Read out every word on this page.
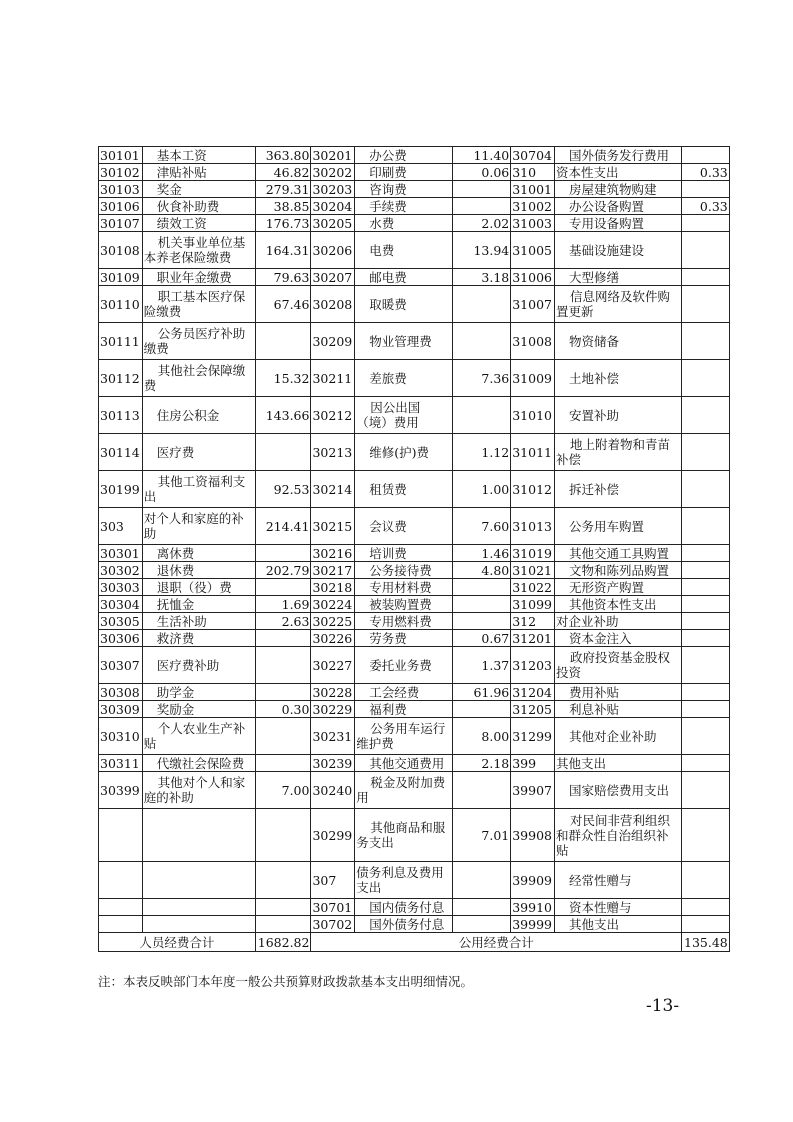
30101	基本工资	363.80	30201	办公费	11.40	30704	国外债务发行费用	
30102	津贴补贴	46.82	30202	印刷费	0.06	310	资本性支出	0.33
30103	奖金	279.31	30203	咨询费		31001	房屋建筑物购建	
30106	伙食补助费	38.85	30204	手续费		31002	办公设备购置	0.33
30107	绩效工资	176.73	30205	水费	2.02	31003	专用设备购置	
30108	机关事业单位基本养老保险缴费	164.31	30206	电费	13.94	31005	基础设施建设	
30109	职业年金缴费	79.63	30207	邮电费	3.18	31006	大型修缮	
30110	职工基本医疗保险缴费	67.46	30208	取暖费		31007	信息网络及软件购置更新	
30111	公务员医疗补助缴费		30209	物业管理费		31008	物资储备	
30112	其他社会保障缴费	15.32	30211	差旅费	7.36	31009	土地补偿	
30113	住房公积金	143.66	30212	因公出国（境）费用		31010	安置补助	
30114	医疗费		30213	维修(护)费	1.12	31011	地上附着物和青苗补偿	
30199	其他工资福利支出	92.53	30214	租赁费	1.00	31012	拆迁补偿	
303	对个人和家庭的补助	214.41	30215	会议费	7.60	31013	公务用车购置	
30301	离休费		30216	培训费	1.46	31019	其他交通工具购置	
30302	退休费	202.79	30217	公务接待费	4.80	31021	文物和陈列品购置	
30303	退职（役）费		30218	专用材料费		31022	无形资产购置	
30304	抚恤金	1.69	30224	被装购置费		31099	其他资本性支出	
30305	生活补助	2.63	30225	专用燃料费		312	对企业补助	
30306	救济费		30226	劳务费	0.67	31201	资本金注入	
30307	医疗费补助		30227	委托业务费	1.37	31203	政府投资基金股权投资	
30308	助学金		30228	工会经费	61.96	31204	费用补贴	
30309	奖励金	0.30	30229	福利费		31205	利息补贴	
30310	个人农业生产补贴		30231	公务用车运行维护费	8.00	31299	其他对企业补助	
30311	代缴社会保险费		30239	其他交通费用	2.18	399	其他支出	
30399	其他对个人和家庭的补助	7.00	30240	税金及附加费用		39907	国家赔偿费用支出	
			30299	其他商品和服务支出	7.01	39908	对民间非营利组织和群众性自治组织补贴	
			307	债务利息及费用支出		39909	经常性赠与	
			30701	国内债务付息		39910	资本性赠与	
			30702	国外债务付息		39999	其他支出	
人员经费合计		1682.82	公用经费合计					135.48
注：本表反映部门本年度一般公共预算财政拨款基本支出明细情况。
-13-
